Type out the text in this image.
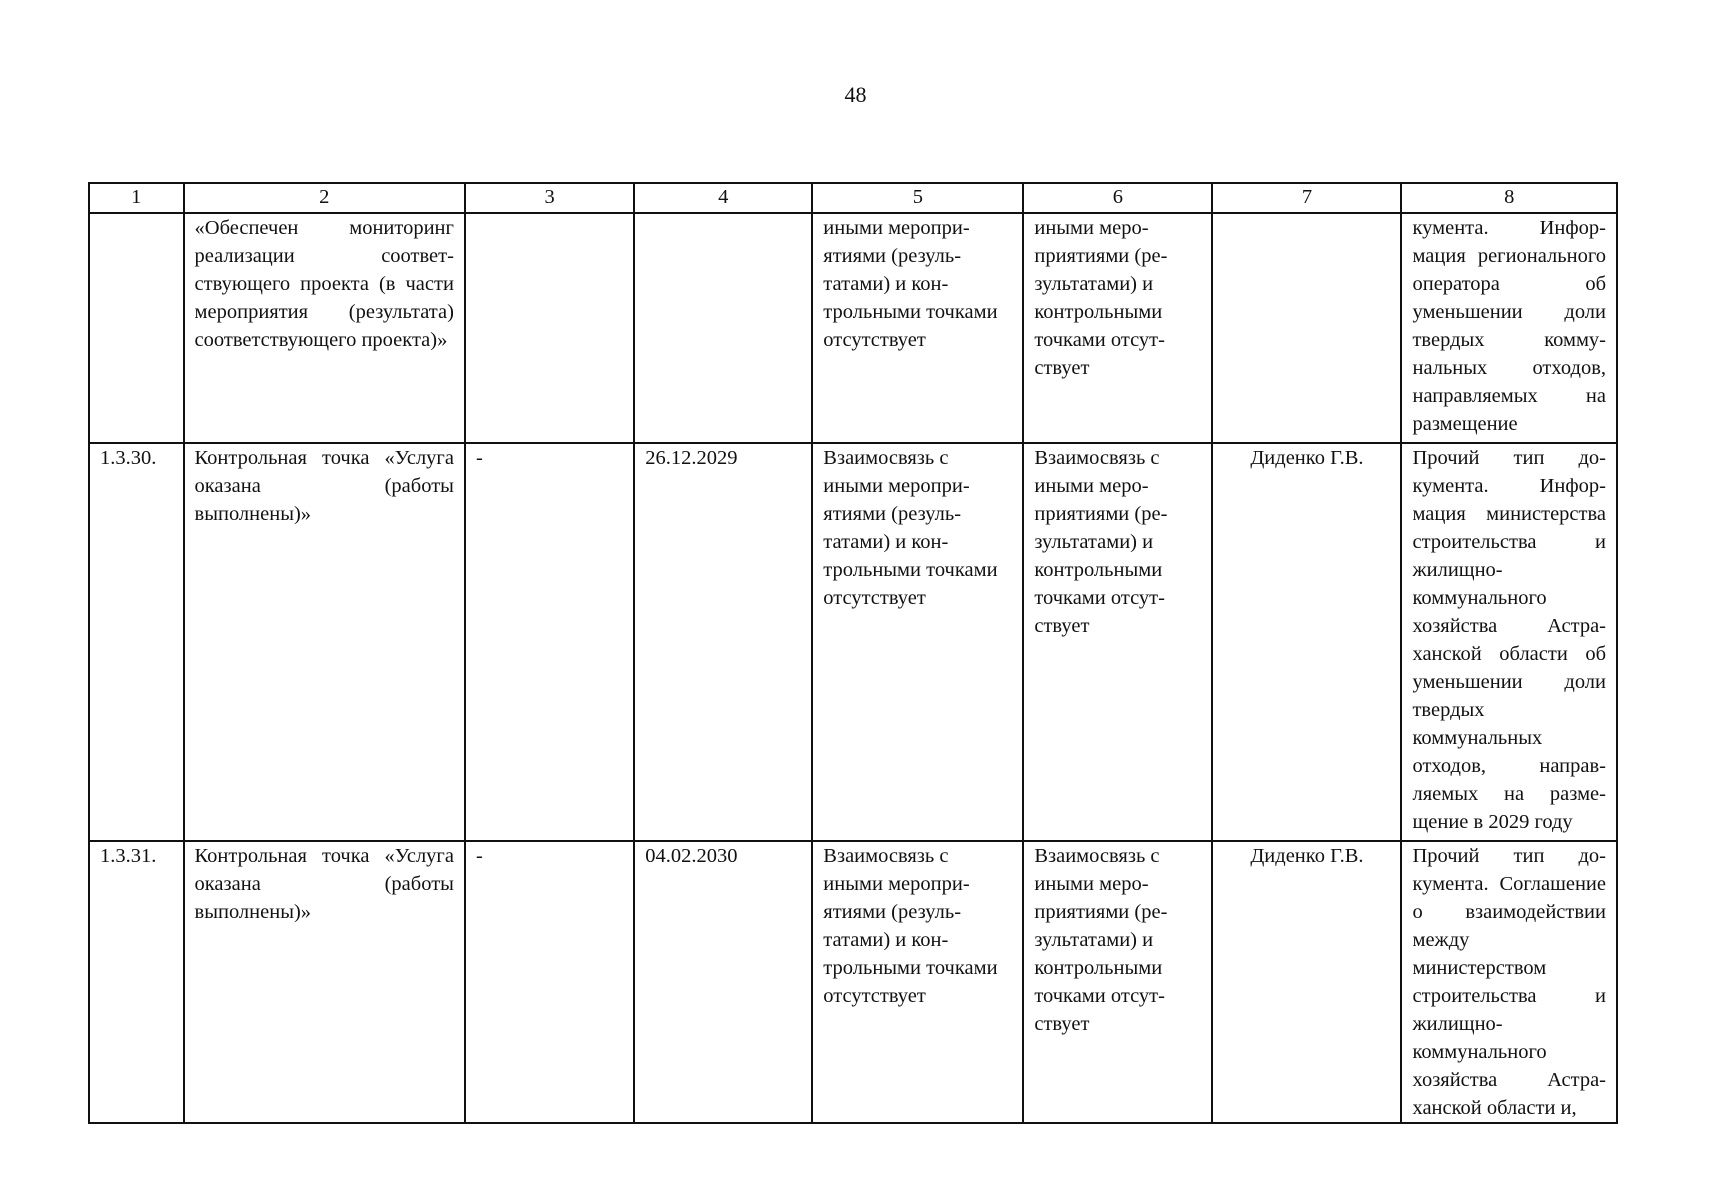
48
1	2	3	4	5	6	7	8
	«Обеспечен мониторинг реализации соответствующего проекта (в части мероприятия (результата) соответствующего проекта)»			иными мероприятиями (результатами) и контрольными точками отсутствует	иными мероприятиями (результатами) и контрольными точками отсутствует		кумента. Информация регионального оператора об уменьшении доли твердых коммунальных отходов, направляемых на размещение
1.3.30.	Контрольная точка «Услуга оказана (работы выполнены)»	-	26.12.2029	Взаимосвязь с иными мероприятиями (результатами) и контрольными точками отсутствует	Взаимосвязь с иными мероприятиями (результатами) и контрольными точками отсутствует	Диденко Г.В.	Прочий тип документа. Информация министерства строительства и жилищно-коммунального хозяйства Астраханской области об уменьшении доли твердых коммунальных отходов, направляемых на размещение в 2029 году
1.3.31.	Контрольная точка «Услуга оказана (работы выполнены)»	-	04.02.2030	Взаимосвязь с иными мероприятиями (результатами) и контрольными точками отсутствует	Взаимосвязь с иными мероприятиями (результатами) и контрольными точками отсутствует	Диденко Г.В.	Прочий тип документа. Соглашение о взаимодействии между министерством строительства и жилищно-коммунального хозяйства Астраханской области и,
